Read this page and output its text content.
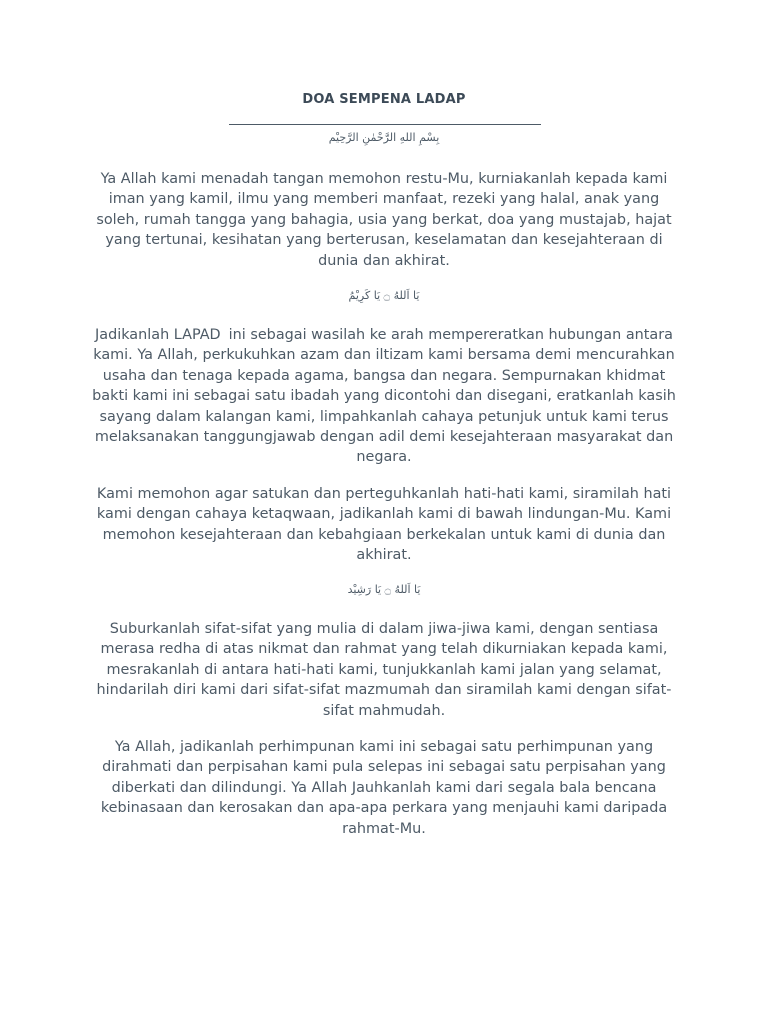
DOA SEMPENA LADAP
بِسْمِ اللهِ الرَّحْمٰنِ الرَّحِيْم
Ya Allah kami menadah tangan memohon restu-Mu, kurniakanlah kepada kami iman yang kamil, ilmu yang memberi manfaat, rezeki yang halal, anak yang soleh, rumah tangga yang bahagia, usia yang berkat, doa yang mustajab, hajat yang tertunai, kesihatan yang berterusan, keselamatan dan kesejahteraan di dunia dan akhirat.
يَا اَللهُ ۝ يَا كَرِيْمُ
Jadikanlah LAPAD ini sebagai wasilah ke arah mempereratkan hubungan antara kami. Ya Allah, perkukuhkan azam dan iltizam kami bersama demi mencurahkan usaha dan tenaga kepada agama, bangsa dan negara. Sempurnakan khidmat bakti kami ini sebagai satu ibadah yang dicontohi dan disegani, eratkanlah kasih sayang dalam kalangan kami, limpahkanlah cahaya petunjuk untuk kami terus melaksanakan tanggungjawab dengan adil demi kesejahteraan masyarakat dan negara.
Kami memohon agar satukan dan perteguhkanlah hati-hati kami, siramilah hati kami dengan cahaya ketaqwaan, jadikanlah kami di bawah lindungan-Mu. Kami memohon kesejahteraan dan kebahgiaan berkekalan untuk kami di dunia dan akhirat.
يَا اَللهُ ۝ يَا رَشِيْد
Suburkanlah sifat-sifat yang mulia di dalam jiwa-jiwa kami, dengan sentiasa merasa redha di atas nikmat dan rahmat yang telah dikurniakan kepada kami, mesrakanlah di antara hati-hati kami, tunjukkanlah kami jalan yang selamat, hindarilah diri kami dari sifat-sifat mazmumah dan siramilah kami dengan sifat-sifat mahmudah.
Ya Allah, jadikanlah perhimpunan kami ini sebagai satu perhimpunan yang dirahmati dan perpisahan kami pula selepas ini sebagai satu perpisahan yang diberkati dan dilindungi. Ya Allah Jauhkanlah kami dari segala bala bencana kebinasaan dan kerosakan dan apa-apa perkara yang menjauhi kami daripada rahmat-Mu.
